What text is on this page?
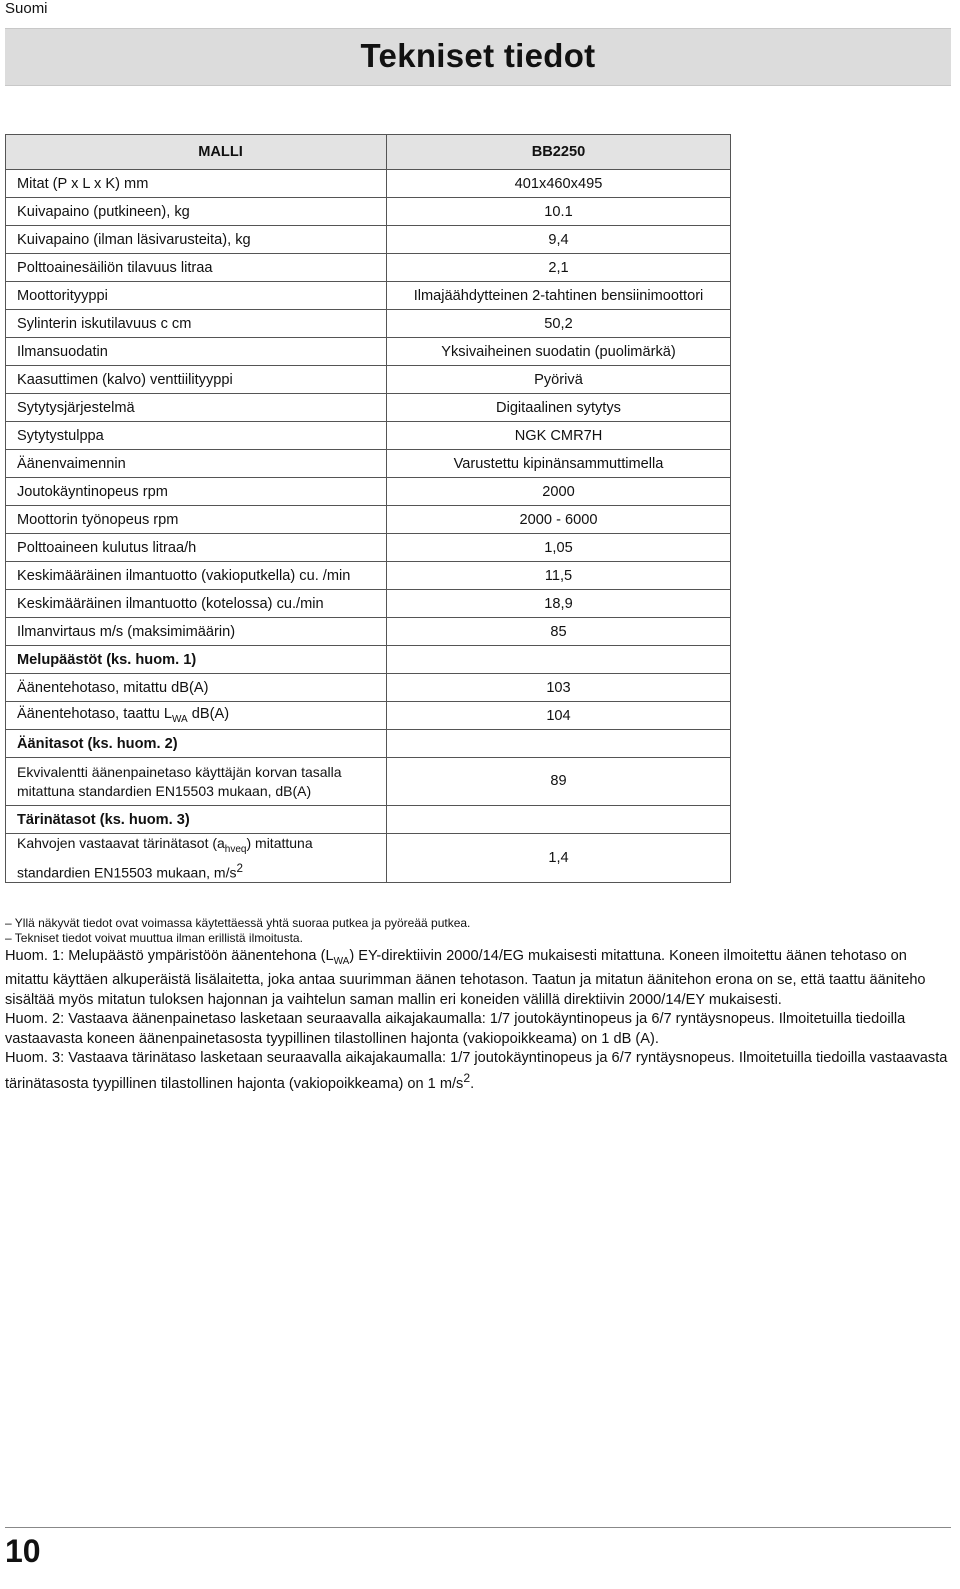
Suomi
Tekniset tiedot
MALLI	BB2250
Mitat (P x L x K) mm	401x460x495
Kuivapaino (putkineen), kg	10.1
Kuivapaino (ilman läsivarusteita), kg	9,4
Polttoainesäiliön tilavuus litraa	2,1
Moottorityyppi	Ilmajäähdytteinen 2-tahtinen bensiinimoottori
Sylinterin iskutilavuus c cm	50,2
Ilmansuodatin	Yksivaiheinen suodatin (puolimärkä)
Kaasuttimen (kalvo) venttiilityyppi	Pyörivä
Sytytysjärjestelmä	Digitaalinen sytytys
Sytytystulppa	NGK CMR7H
Äänenvaimennin	Varustettu kipinänsammuttimella
Joutokäyntinopeus rpm	2000
Moottorin työnopeus rpm	2000 - 6000
Polttoaineen kulutus litraa/h	1,05
Keskimääräinen ilmantuotto (vakioputkella) cu. /min	11,5
Keskimääräinen ilmantuotto (kotelossa) cu./min	18,9
Ilmanvirtaus m/s (maksimimäärin)	85
Melupäästöt (ks. huom. 1)	
Äänentehotaso, mitattu dB(A)	103
Äänentehotaso, taattu $L_{WA}$ dB(A)	104
Äänitasot (ks. huom. 2)	
Ekvivalentti äänenpainetaso käyttäjän korvan tasalla
mitattuna standardien EN15503 mukaan, dB(A)	89
Tärinätasot (ks. huom. 3)	
Kahvojen vastaavat tärinätasot $(a_{hveq})$ mitattuna
standardien EN15503 mukaan, $m/s^2$	1,4
– Yllä näkyvät tiedot ovat voimassa käytettäessä yhtä suoraa putkea ja pyöreää putkea.
– Tekniset tiedot voivat muuttua ilman erillistä ilmoitusta.

Huom. 1: Melupäästö ympäristöön äänentehona $(L_{WA})$ EY-direktiivin 2000/14/EG mukaisesti mitattuna. Koneen ilmoitettu äänen tehotaso on mitattu käyttäen alkuperäistä lisälaitetta, joka antaa suurimman äänen tehotason. Taatun ja mitatun äänitehon erona on se, että taattu äänitehο sisältää myös mitatun tuloksen hajonnan ja vaihtelun saman mallin eri koneiden välillä direktiivin 2000/14/EY mukaisesti.

Huom. 2: Vastaava äänenpainetaso lasketaan seuraavalla aikajakaumalla: 1/7 joutokäyntinopeus ja 6/7 ryntäysnopeus. Ilmoitetuilla tiedoilla vastaavasta koneen äänenpainetasosta tyypillinen tilastollinen hajonta (vakiopoikkeama) on 1 dB (A).

Huom. 3: Vastaava tärinätaso lasketaan seuraavalla aikajakaumalla: 1/7 joutokäyntinopeus ja 6/7 ryntäysnopeus. Ilmoitetuilla tiedoilla vastaavasta tärinätasosta tyypillinen tilastollinen hajonta (vakiopoikkeama) on 1 $m/s^2$.

10
